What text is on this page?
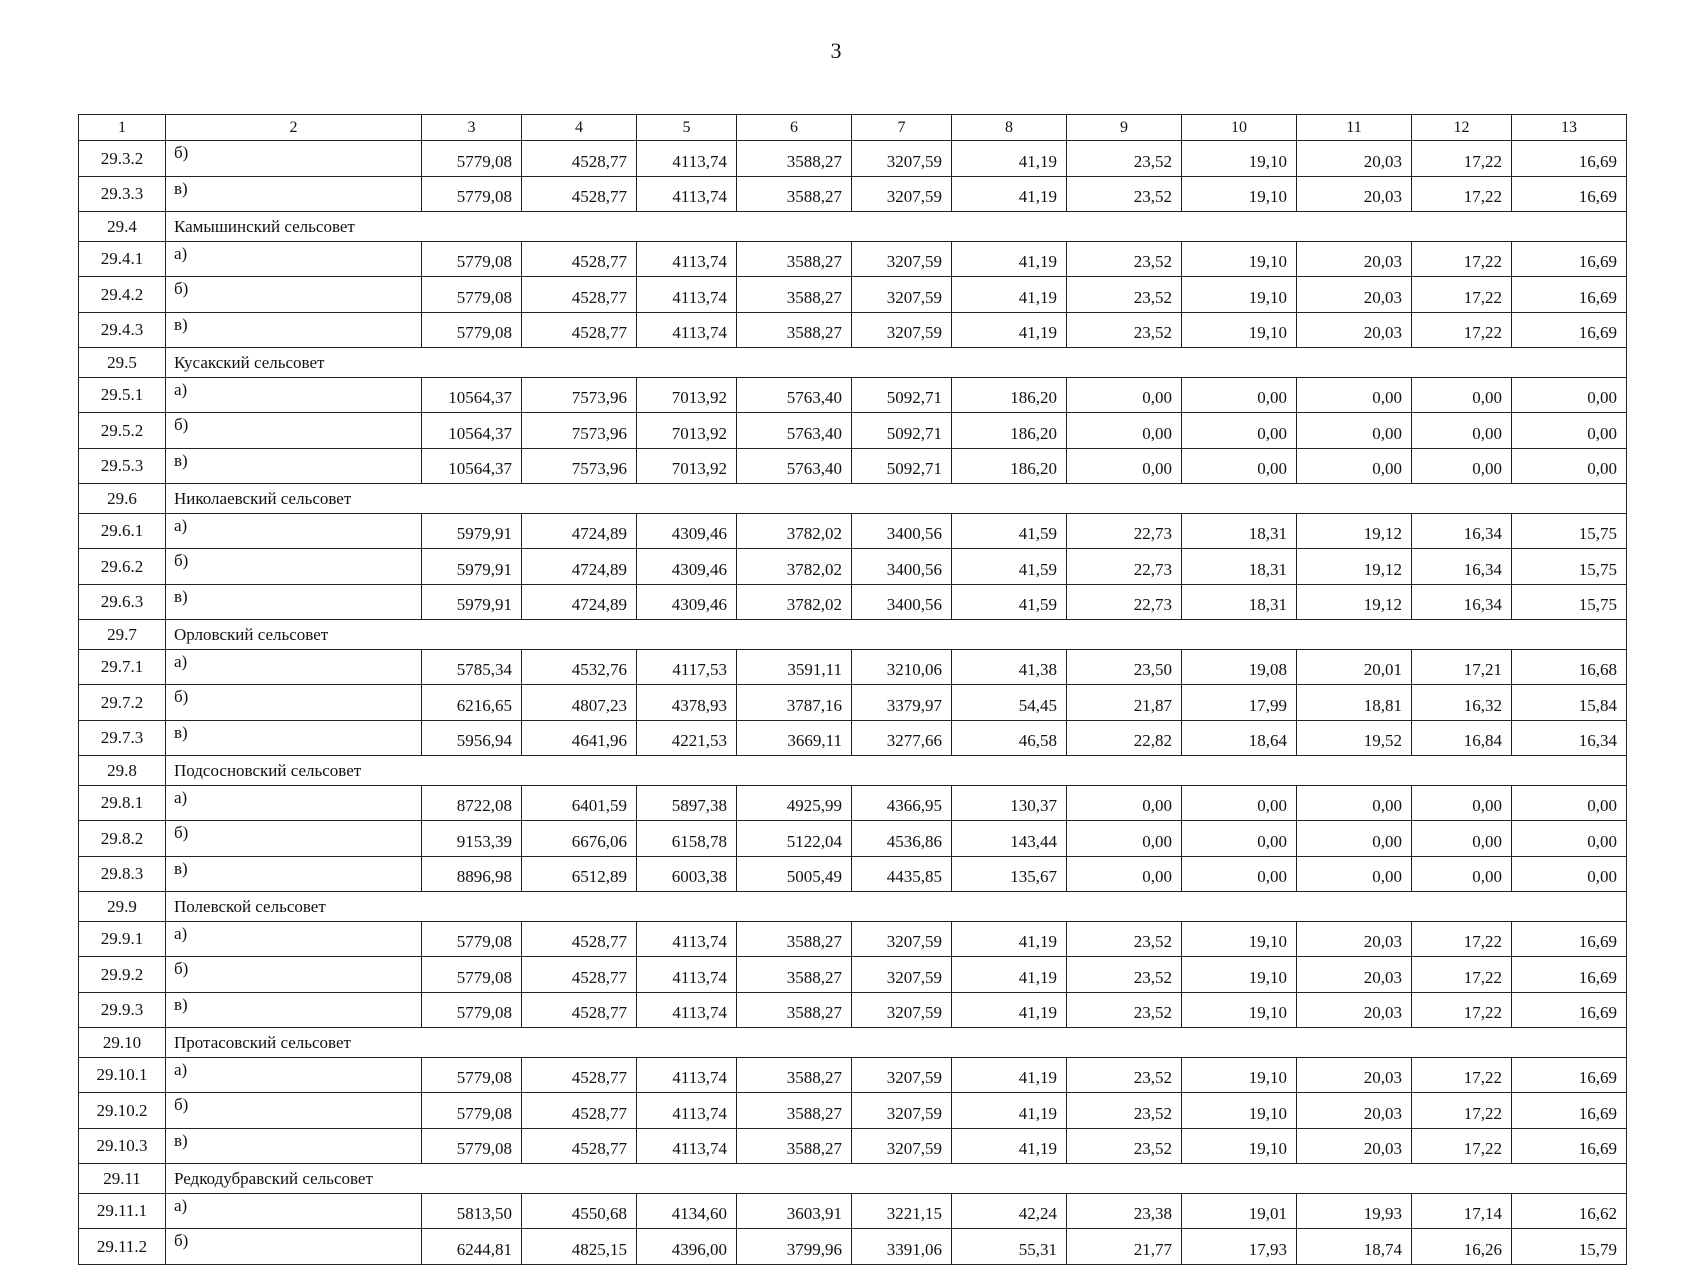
3
1	2	3	4	5	6	7	8	9	10	11	12	13
29.3.2	б)	5779,08	4528,77	4113,74	3588,27	3207,59	41,19	23,52	19,10	20,03	17,22	16,69
29.3.3	в)	5779,08	4528,77	4113,74	3588,27	3207,59	41,19	23,52	19,10	20,03	17,22	16,69
29.4	Камышинский сельсовет											
29.4.1	а)	5779,08	4528,77	4113,74	3588,27	3207,59	41,19	23,52	19,10	20,03	17,22	16,69
29.4.2	б)	5779,08	4528,77	4113,74	3588,27	3207,59	41,19	23,52	19,10	20,03	17,22	16,69
29.4.3	в)	5779,08	4528,77	4113,74	3588,27	3207,59	41,19	23,52	19,10	20,03	17,22	16,69
29.5	Кусакский сельсовет											
29.5.1	а)	10564,37	7573,96	7013,92	5763,40	5092,71	186,20	0,00	0,00	0,00	0,00	0,00
29.5.2	б)	10564,37	7573,96	7013,92	5763,40	5092,71	186,20	0,00	0,00	0,00	0,00	0,00
29.5.3	в)	10564,37	7573,96	7013,92	5763,40	5092,71	186,20	0,00	0,00	0,00	0,00	0,00
29.6	Николаевский сельсовет											
29.6.1	а)	5979,91	4724,89	4309,46	3782,02	3400,56	41,59	22,73	18,31	19,12	16,34	15,75
29.6.2	б)	5979,91	4724,89	4309,46	3782,02	3400,56	41,59	22,73	18,31	19,12	16,34	15,75
29.6.3	в)	5979,91	4724,89	4309,46	3782,02	3400,56	41,59	22,73	18,31	19,12	16,34	15,75
29.7	Орловский сельсовет											
29.7.1	а)	5785,34	4532,76	4117,53	3591,11	3210,06	41,38	23,50	19,08	20,01	17,21	16,68
29.7.2	б)	6216,65	4807,23	4378,93	3787,16	3379,97	54,45	21,87	17,99	18,81	16,32	15,84
29.7.3	в)	5956,94	4641,96	4221,53	3669,11	3277,66	46,58	22,82	18,64	19,52	16,84	16,34
29.8	Подсосновский сельсовет											
29.8.1	а)	8722,08	6401,59	5897,38	4925,99	4366,95	130,37	0,00	0,00	0,00	0,00	0,00
29.8.2	б)	9153,39	6676,06	6158,78	5122,04	4536,86	143,44	0,00	0,00	0,00	0,00	0,00
29.8.3	в)	8896,98	6512,89	6003,38	5005,49	4435,85	135,67	0,00	0,00	0,00	0,00	0,00
29.9	Полевской сельсовет											
29.9.1	а)	5779,08	4528,77	4113,74	3588,27	3207,59	41,19	23,52	19,10	20,03	17,22	16,69
29.9.2	б)	5779,08	4528,77	4113,74	3588,27	3207,59	41,19	23,52	19,10	20,03	17,22	16,69
29.9.3	в)	5779,08	4528,77	4113,74	3588,27	3207,59	41,19	23,52	19,10	20,03	17,22	16,69
29.10	Протасовский сельсовет											
29.10.1	а)	5779,08	4528,77	4113,74	3588,27	3207,59	41,19	23,52	19,10	20,03	17,22	16,69
29.10.2	б)	5779,08	4528,77	4113,74	3588,27	3207,59	41,19	23,52	19,10	20,03	17,22	16,69
29.10.3	в)	5779,08	4528,77	4113,74	3588,27	3207,59	41,19	23,52	19,10	20,03	17,22	16,69
29.11	Редкодубравский сельсовет											
29.11.1	а)	5813,50	4550,68	4134,60	3603,91	3221,15	42,24	23,38	19,01	19,93	17,14	16,62
29.11.2	б)	6244,81	4825,15	4396,00	3799,96	3391,06	55,31	21,77	17,93	18,74	16,26	15,79
